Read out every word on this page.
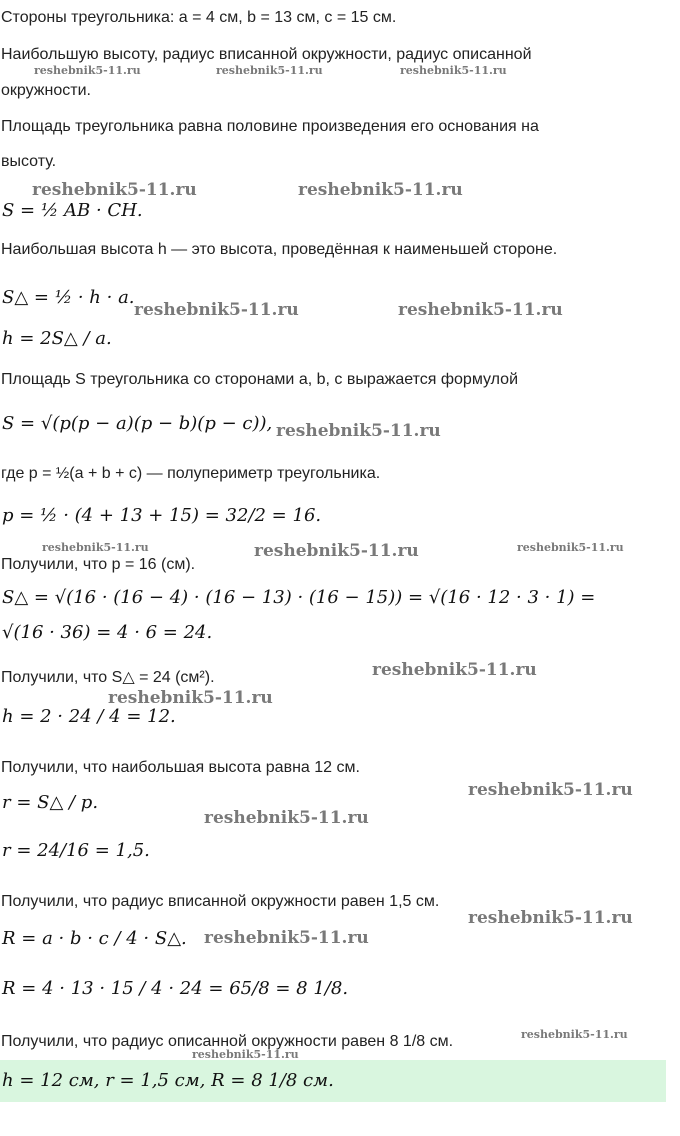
Стороны треугольника: a = 4 см, b = 13 см, c = 15 см.
Наибольшую высоту, радиус вписанной окружности, радиус описанной
окружности.
Площадь треугольника равна половине произведения его основания на
высоту.
S = ½ AB · CH.
Наибольшая высота h — это высота, проведённая к наименьшей стороне.
S△ = ½ · h · a.
h = 2S△ / a.
Площадь S треугольника со сторонами a, b, c выражается формулой
S = √(p(p − a)(p − b)(p − c)),
где p = ½(a + b + c) — полупериметр треугольника.
p = ½ · (4 + 13 + 15) = 32/2 = 16.
Получили, что p = 16 (см).
S△ = √(16 · (16 − 4) · (16 − 13) · (16 − 15)) = √(16 · 12 · 3 · 1) =
√(16 · 36) = 4 · 6 = 24.
Получили, что S△ = 24 (см²).
h = 2 · 24 / 4 = 12.
Получили, что наибольшая высота равна 12 см.
r = S△ / p.
r = 24/16 = 1,5.
Получили, что радиус вписанной окружности равен 1,5 см.
R = a · b · c / 4 · S△.
R = 4 · 13 · 15 / 4 · 24 = 65/8 = 8 1/8.
Получили, что радиус описанной окружности равен 8 1/8 см.
h = 12 см, r = 1,5 см, R = 8 1/8 см.
reshebnik5-11.ru	reshebnik5-11.ru	reshebnik5-11.ru
reshebnik5-11.ru	reshebnik5-11.ru
reshebnik5-11.ru	reshebnik5-11.ru
reshebnik5-11.ru
reshebnik5-11.ru	reshebnik5-11.ru	reshebnik5-11.ru
reshebnik5-11.ru
reshebnik5-11.ru
reshebnik5-11.ru
reshebnik5-11.ru
reshebnik5-11.ru
reshebnik5-11.ru
reshebnik5-11.ru
reshebnik5-11.ru
